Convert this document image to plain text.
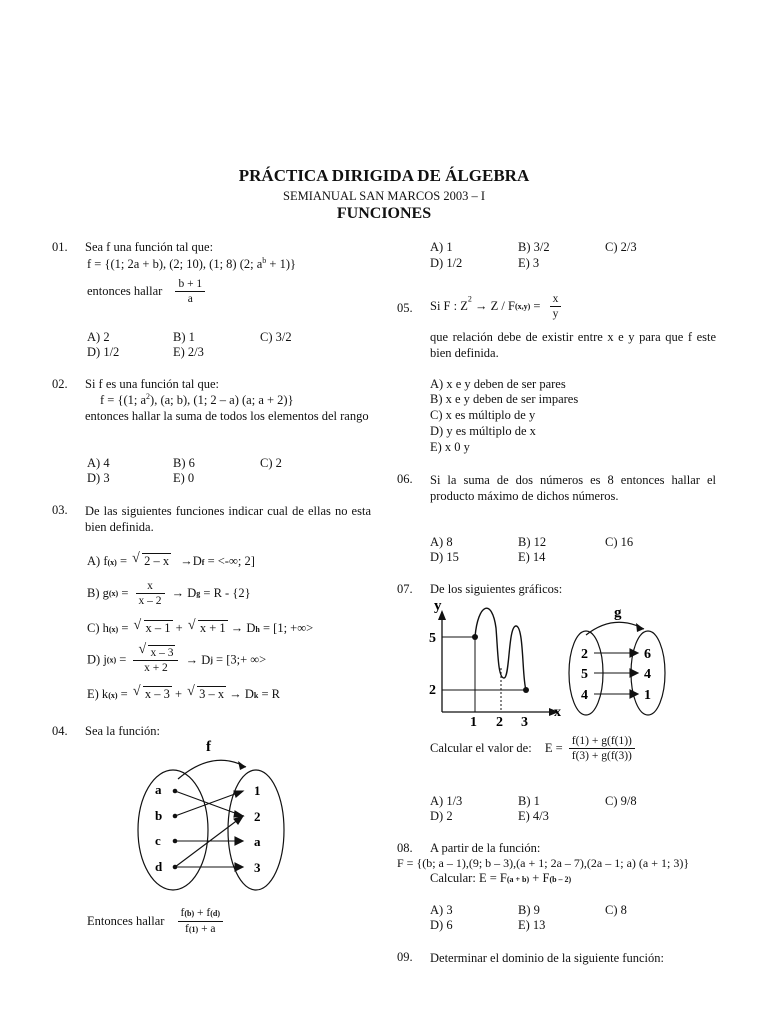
PRÁCTICA DIRIGIDA DE ÁLGEBRA
SEMIANUAL SAN MARCOS 2003 – I
FUNCIONES
01. Sea f una función tal que:
f = {(1; 2a + b), (2; 10), (1; 8) (2; $a^b + 1$)}
entonces hallar $\frac{b + 1}{a}$
A) 2	B) 1	C) 3/2
D) 1/2	E) 2/3
02. Si f es una función tal que:
f = {(1; $a^2$), (a; b), (1; 2 – a) (a; a + 2)}
entonces hallar la suma de todos los elementos del rango
A) 4	B) 6	C) 2
D) 3	E) 0
03. De las siguientes funciones indicar cual de ellas no esta bien definida.
A) f(x) = √ 2 – x →Df = <-∞; 2]
B) $g(x) = \frac{x}{x - 2} \to Dg = R - \{2\}$
C) h(x) = √ x – 1 + √ x + 1 → Dh = [1; +∞>
D) j(x) = √ $\frac{x - 3}{x + 2} \to Dj$ = [3;+ ∞>
E) k(x) = √ x – 3 + √ 3 – x → Dk = R
04. Sea la función:
f
a
b
c
d
1
2
a
3
Entonces hallar $\frac{f(b) + f(d)}{f(1) + a}$
A) 1	B) 3/2	C) 2/3
D) 1/2	E) 3
05. Si F : $Z^2 \to Z / F(x,y) = \frac{x}{y}$
que relación debe de existir entre x e y para que f este bien definida.
A) x e y deben de ser pares
B) x e y deben de ser impares
C) x es múltiplo de y
D) y es múltiplo de x
E) x 0 y
06. Si la suma de dos números es 8 entonces hallar el producto máximo de dichos números.
A) 8	B) 12	C) 16
D) 15	E) 14
07. De los siguientes gráficos:
y
x
5
2
1 2 3
g
2
5
4
6
4
1
Calcular el valor de: $E = \frac{f(1) + g(f(1))}{f(3) + g(f(3))}$
A) 1/3	B) 1	C) 9/8
D) 2	E) 4/3
08. A partir de la función:
F = {(b; a – 1),(9; b – 3),(a + 1; 2a – 7),(2a – 1; a) (a + 1; 3)}
Calcular: E = F(a + b) + F(b – 2)
A) 3	B) 9	C) 8
D) 6	E) 13
09. Determinar el dominio de la siguiente función:
